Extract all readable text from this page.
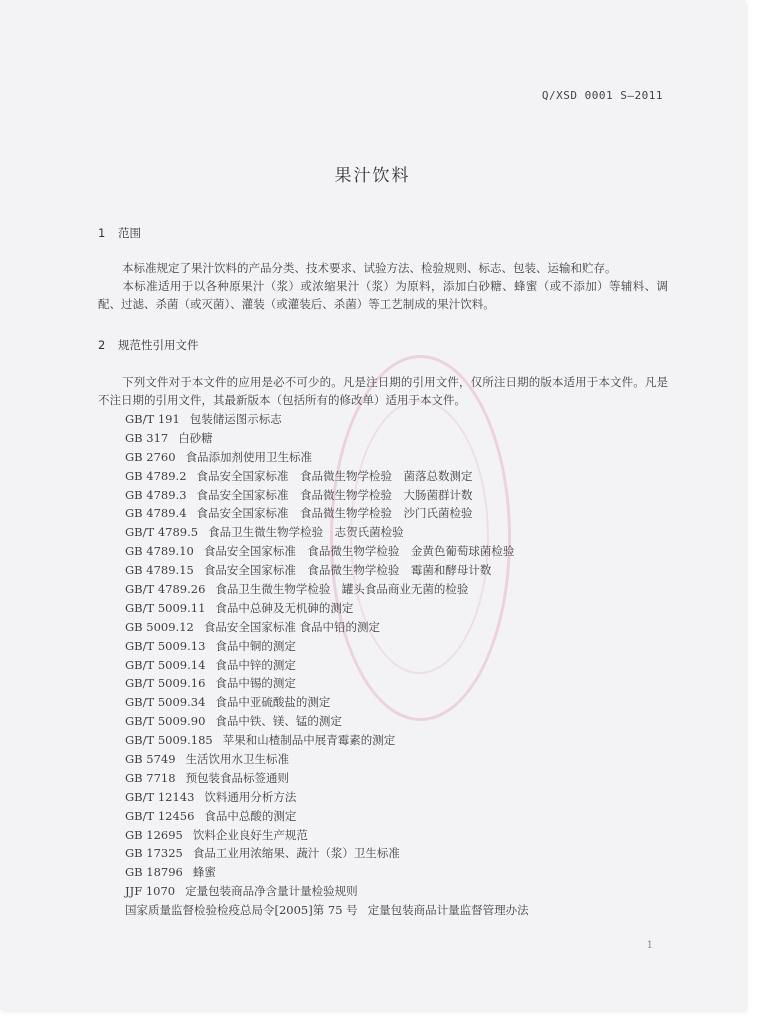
Q/XSD 0001 S—2011
果汁饮料
1 范围
本标准规定了果汁饮料的产品分类、技术要求、试验方法、检验规则、标志、包装、运输和贮存。
本标准适用于以各种原果汁（浆）或浓缩果汁（浆）为原料，添加白砂糖、蜂蜜（或不添加）等辅料、调配、过滤、杀菌（或灭菌）、灌装（或灌装后、杀菌）等工艺制成的果汁饮料。
2 规范性引用文件
下列文件对于本文件的应用是必不可少的。凡是注日期的引用文件，仅所注日期的版本适用于本文件。凡是不注日期的引用文件，其最新版本（包括所有的修改单）适用于本文件。
GB/T 191 包装储运图示标志
GB 317 白砂糖
GB 2760 食品添加剂使用卫生标准
GB 4789.2 食品安全国家标准　食品微生物学检验　菌落总数测定
GB 4789.3 食品安全国家标准　食品微生物学检验　大肠菌群计数
GB 4789.4 食品安全国家标准　食品微生物学检验　沙门氏菌检验
GB/T 4789.5 食品卫生微生物学检验　志贺氏菌检验
GB 4789.10 食品安全国家标准　食品微生物学检验　金黄色葡萄球菌检验
GB 4789.15 食品安全国家标准　食品微生物学检验　霉菌和酵母计数
GB/T 4789.26 食品卫生微生物学检验　罐头食品商业无菌的检验
GB/T 5009.11 食品中总砷及无机砷的测定
GB 5009.12 食品安全国家标准 食品中铅的测定
GB/T 5009.13 食品中铜的测定
GB/T 5009.14 食品中锌的测定
GB/T 5009.16 食品中锡的测定
GB/T 5009.34 食品中亚硫酸盐的测定
GB/T 5009.90 食品中铁、镁、锰的测定
GB/T 5009.185 苹果和山楂制品中展青霉素的测定
GB 5749 生活饮用水卫生标准
GB 7718 预包装食品标签通则
GB/T 12143 饮料通用分析方法
GB/T 12456 食品中总酸的测定
GB 12695 饮料企业良好生产规范
GB 17325 食品工业用浓缩果、蔬汁（浆）卫生标准
GB 18796 蜂蜜
JJF 1070 定量包装商品净含量计量检验规则
国家质量监督检验检疫总局令[2005]第 75 号 定量包装商品计量监督管理办法
1
